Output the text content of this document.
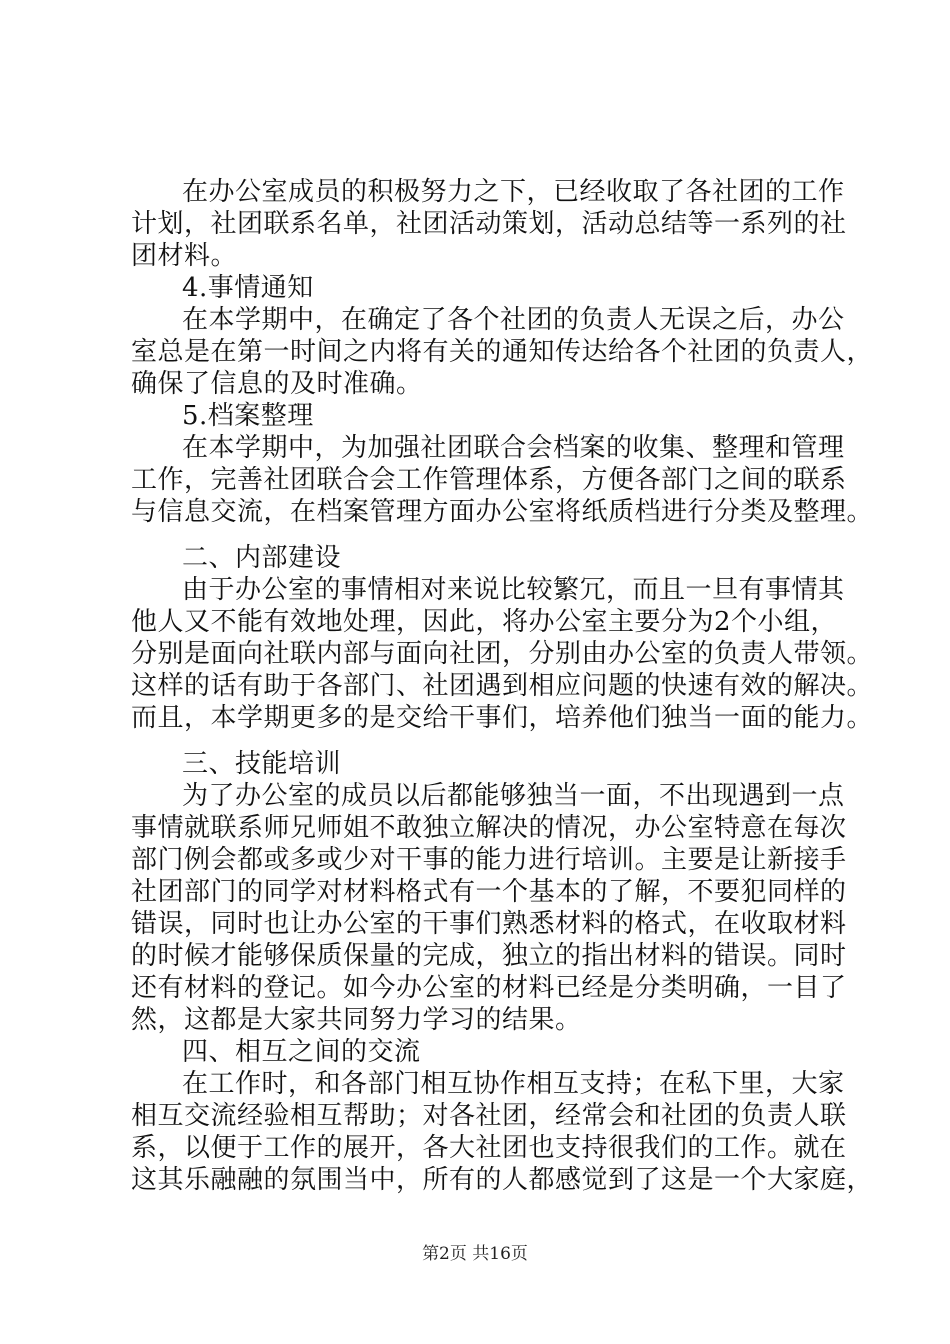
在办公室成员的积极努力之下，已经收取了各社团的工作
计划，社团联系名单，社团活动策划，活动总结等一系列的社
团材料。
4.事情通知
在本学期中，在确定了各个社团的负责人无误之后，办公
室总是在第一时间之内将有关的通知传达给各个社团的负责人，
确保了信息的及时准确。
5.档案整理
在本学期中，为加强社团联合会档案的收集、整理和管理
工作，完善社团联合会工作管理体系，方便各部门之间的联系
与信息交流，在档案管理方面办公室将纸质档进行分类及整理。
二、内部建设
由于办公室的事情相对来说比较繁冗，而且一旦有事情其
他人又不能有效地处理，因此，将办公室主要分为2个小组，
分别是面向社联内部与面向社团，分别由办公室的负责人带领。
这样的话有助于各部门、社团遇到相应问题的快速有效的解决。
而且，本学期更多的是交给干事们，培养他们独当一面的能力。
三、技能培训
为了办公室的成员以后都能够独当一面，不出现遇到一点
事情就联系师兄师姐不敢独立解决的情况，办公室特意在每次
部门例会都或多或少对干事的能力进行培训。主要是让新接手
社团部门的同学对材料格式有一个基本的了解，不要犯同样的
错误，同时也让办公室的干事们熟悉材料的格式，在收取材料
的时候才能够保质保量的完成，独立的指出材料的错误。同时
还有材料的登记。如今办公室的材料已经是分类明确，一目了
然，这都是大家共同努力学习的结果。
四、相互之间的交流
在工作时，和各部门相互协作相互支持；在私下里，大家
相互交流经验相互帮助；对各社团，经常会和社团的负责人联
系，以便于工作的展开，各大社团也支持很我们的工作。就在
这其乐融融的氛围当中，所有的人都感觉到了这是一个大家庭，
第2页 共16页
